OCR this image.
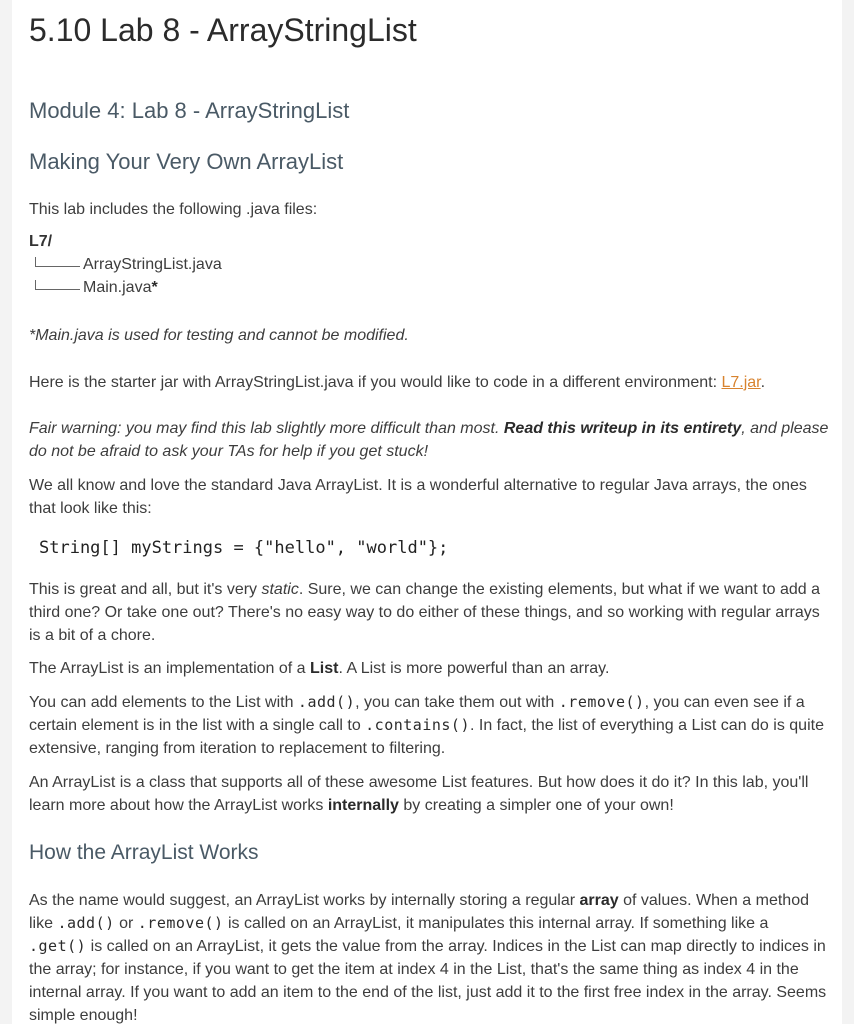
5.10 Lab 8 - ArrayStringList
Module 4: Lab 8 - ArrayStringList
Making Your Very Own ArrayList

This lab includes the following .java files:

L7/
ArrayStringList.java
Main.java*

*Main.java is used for testing and cannot be modified.

Here is the starter jar with ArrayStringList.java if you would like to code in a different environment: L7.jar.

Fair warning: you may find this lab slightly more difficult than most. Read this writeup in its entirety, and please do not be afraid to ask your TAs for help if you get stuck!

We all know and love the standard Java ArrayList. It is a wonderful alternative to regular Java arrays, the ones that look like this:

String[] myStrings = {"hello", "world"};

This is great and all, but it's very static. Sure, we can change the existing elements, but what if we want to add a third one? Or take one out? There's no easy way to do either of these things, and so working with regular arrays is a bit of a chore.

The ArrayList is an implementation of a List. A List is more powerful than an array.

You can add elements to the List with .add(), you can take them out with .remove(), you can even see if a certain element is in the list with a single call to .contains(). In fact, the list of everything a List can do is quite extensive, ranging from iteration to replacement to filtering.

An ArrayList is a class that supports all of these awesome List features. But how does it do it? In this lab, you'll learn more about how the ArrayList works internally by creating a simpler one of your own!

How the ArrayList Works

As the name would suggest, an ArrayList works by internally storing a regular array of values. When a method like .add() or .remove() is called on an ArrayList, it manipulates this internal array. If something like a .get() is called on an ArrayList, it gets the value from the array. Indices in the List can map directly to indices in the array; for instance, if you want to get the item at index 4 in the List, that's the same thing as index 4 in the internal array. If you want to add an item to the end of the list, just add it to the first free index in the array. Seems simple enough!
